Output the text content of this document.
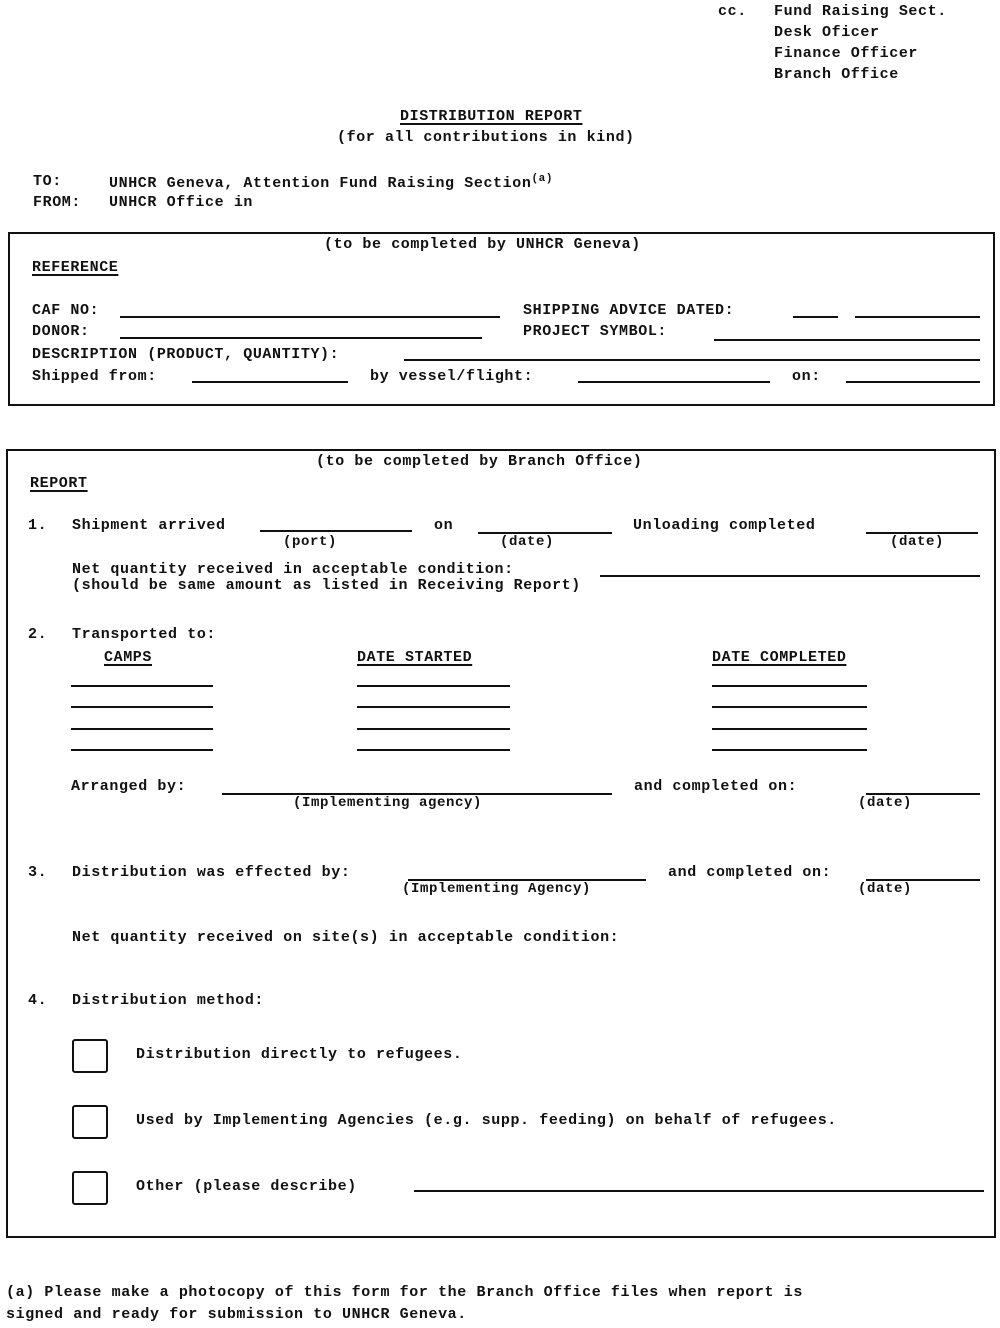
cc. Fund Raising Sect.
Desk Oficer
Finance Officer
Branch Office
DISTRIBUTION REPORT
(for all contributions in kind)
TO:	UNHCR Geneva, Attention Fund Raising Section$^{(a)}$
FROM: UNHCR Office in
(to be completed by UNHCR Geneva)
REFERENCE
CAF NO:	SHIPPING ADVICE DATED:
DONOR:	PROJECT SYMBOL:
DESCRIPTION (PRODUCT, QUANTITY):
Shipped from:	by vessel/flight:	on:
(to be completed by Branch Office)
REPORT
1. Shipment arrived
(port)
on
(date)
Unloading completed
(date)
Net quantity received in acceptable condition:
(should be same amount as listed in Receiving Report)
2. Transported to:
CAMPS	DATE STARTED	DATE COMPLETED
Arranged by:
(Implementing agency)
and completed on:
(date)
3. Distribution was effected by:
(Implementing Agency)
and completed on:
(date)
Net quantity received on site(s) in acceptable condition:
4. Distribution method:
Distribution directly to refugees.
Used by Implementing Agencies (e.g. supp. feeding) on behalf of refugees.
Other (please describe)
(a) Please make a photocopy of this form for the Branch Office files when report is
signed and ready for submission to UNHCR Geneva.
